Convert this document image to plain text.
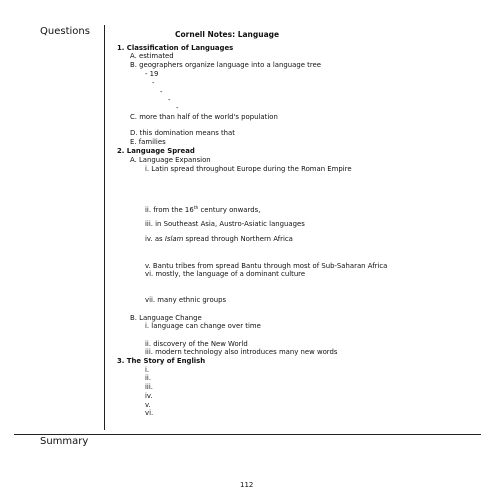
Questions	Cornell Notes: Language
1. Classification of Languages
A. estimated
B. geographers organize language into a language tree
- 19
-
-
-
-
C. more than half of the world's population
D. this domination means that
E. families
2. Language Spread
A. Language Expansion
i. Latin spread throughout Europe during the Roman Empire
ii. from the 16th century onwards,
iii. in Southeast Asia, Austro-Asiatic languages
iv. as Islam spread through Northern Africa
v. Bantu tribes from spread Bantu through most of Sub-Saharan Africa
vi. mostly, the language of a dominant culture
vii. many ethnic groups
B. Language Change
i. language can change over time
ii. discovery of the New World
iii. modern technology also introduces many new words
3. The Story of English
i.
ii.
iii.
iv.
v.
vi.
Summary
112
